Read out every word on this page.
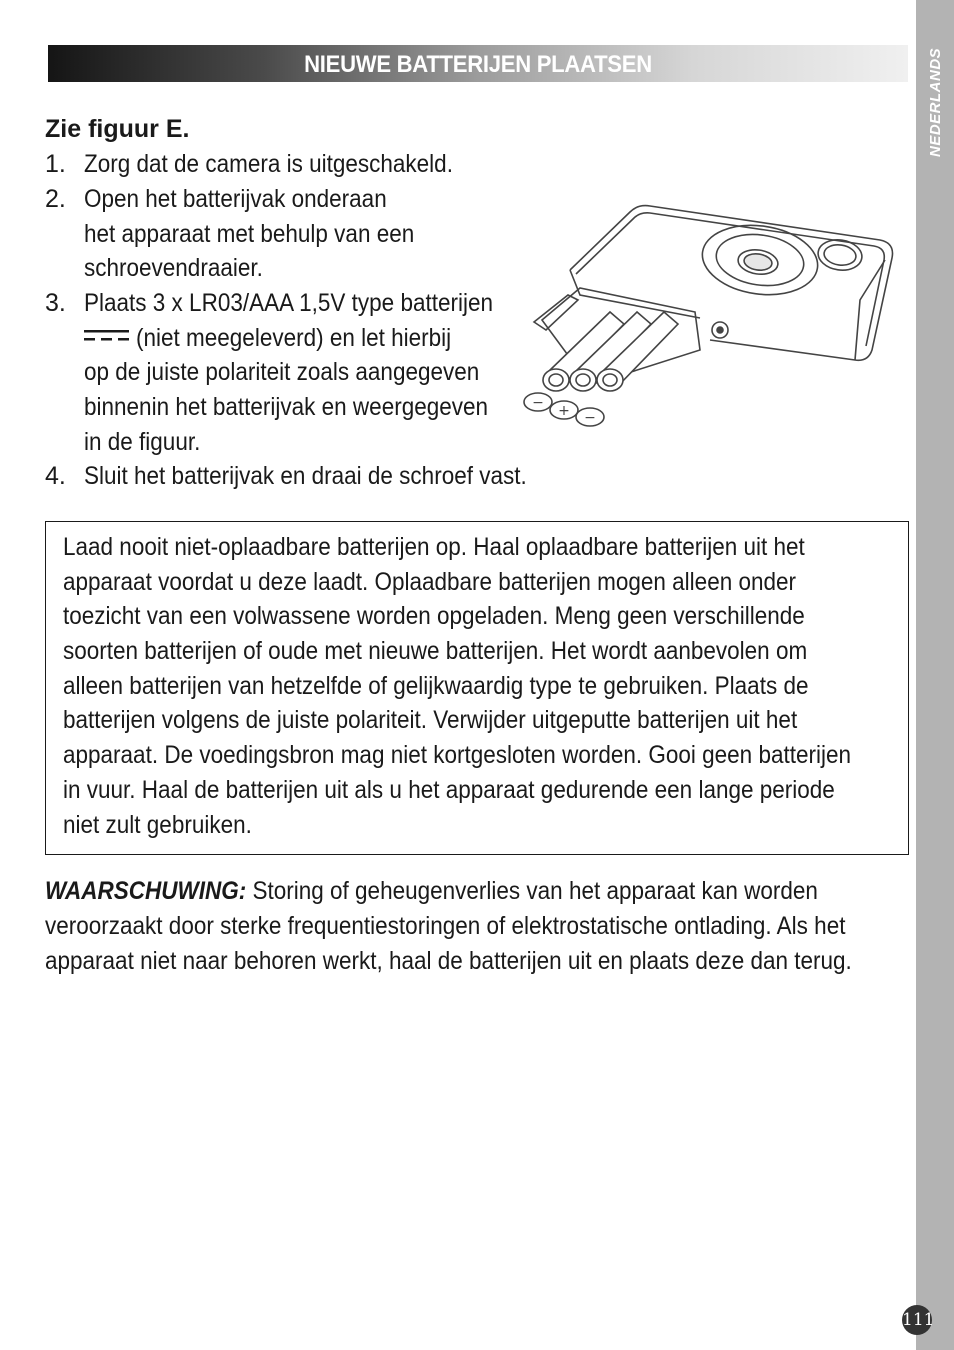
NEDERLANDS
NIEUWE BATTERIJEN PLAATSEN
Zie figuur E.
1. Zorg dat de camera is uitgeschakeld.
2. Open het batterijvak onderaan
het apparaat met behulp van een
schroevendraaier.
3. Plaats 3 x LR03/AAA 1,5V type batterijen
(niet meegeleverd) en let hierbij
op de juiste polariteit zoals aangegeven
binnenin het batterijvak en weergegeven
in de figuur.
4. Sluit het batterijvak en draai de schroef vast.
− + −
Laad nooit niet-oplaadbare batterijen op. Haal oplaadbare batterijen uit het
apparaat voordat u deze laadt. Oplaadbare batterijen mogen alleen onder
toezicht van een volwassene worden opgeladen. Meng geen verschillende
soorten batterijen of oude met nieuwe batterijen. Het wordt aanbevolen om
alleen batterijen van hetzelfde of gelijkwaardig type te gebruiken. Plaats de
batterijen volgens de juiste polariteit. Verwijder uitgeputte batterijen uit het
apparaat. De voedingsbron mag niet kortgesloten worden. Gooi geen batterijen
in vuur. Haal de batterijen uit als u het apparaat gedurende een lange periode
niet zult gebruiken.
WAARSCHUWING: Storing of geheugenverlies van het apparaat kan worden
veroorzaakt door sterke frequentiestoringen of elektrostatische ontlading. Als het
apparaat niet naar behoren werkt, haal de batterijen uit en plaats deze dan terug.
111
